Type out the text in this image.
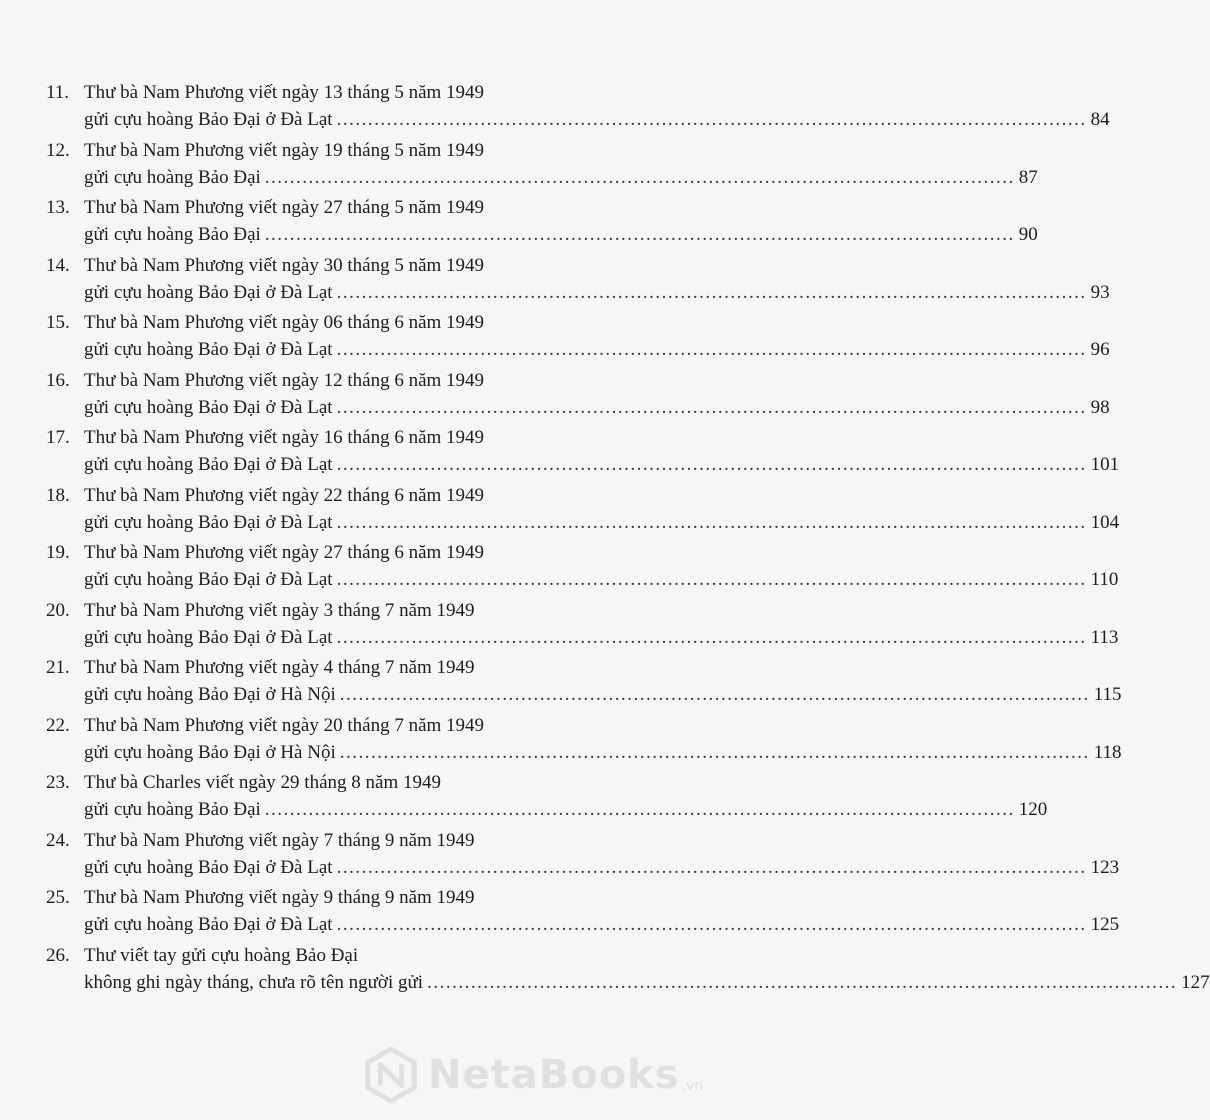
11. Thư bà Nam Phương viết ngày 13 tháng 5 năm 1949
gửi cựu hoàng Bảo Đại ở Đà Lạt ........................................................................................................................ 84
12. Thư bà Nam Phương viết ngày 19 tháng 5 năm 1949
gửi cựu hoàng Bảo Đại ........................................................................................................................ 87
13. Thư bà Nam Phương viết ngày 27 tháng 5 năm 1949
gửi cựu hoàng Bảo Đại ........................................................................................................................ 90
14. Thư bà Nam Phương viết ngày 30 tháng 5 năm 1949
gửi cựu hoàng Bảo Đại ở Đà Lạt ........................................................................................................................ 93
15. Thư bà Nam Phương viết ngày 06 tháng 6 năm 1949
gửi cựu hoàng Bảo Đại ở Đà Lạt ........................................................................................................................ 96
16. Thư bà Nam Phương viết ngày 12 tháng 6 năm 1949
gửi cựu hoàng Bảo Đại ở Đà Lạt ........................................................................................................................ 98
17. Thư bà Nam Phương viết ngày 16 tháng 6 năm 1949
gửi cựu hoàng Bảo Đại ở Đà Lạt ........................................................................................................................ 101
18. Thư bà Nam Phương viết ngày 22 tháng 6 năm 1949
gửi cựu hoàng Bảo Đại ở Đà Lạt ........................................................................................................................ 104
19. Thư bà Nam Phương viết ngày 27 tháng 6 năm 1949
gửi cựu hoàng Bảo Đại ở Đà Lạt ........................................................................................................................ 110
20. Thư bà Nam Phương viết ngày 3 tháng 7 năm 1949
gửi cựu hoàng Bảo Đại ở Đà Lạt ........................................................................................................................ 113
21. Thư bà Nam Phương viết ngày 4 tháng 7 năm 1949
gửi cựu hoàng Bảo Đại ở Hà Nội ........................................................................................................................ 115
22. Thư bà Nam Phương viết ngày 20 tháng 7 năm 1949
gửi cựu hoàng Bảo Đại ở Hà Nội ........................................................................................................................ 118
23. Thư bà Charles viết ngày 29 tháng 8 năm 1949
gửi cựu hoàng Bảo Đại ........................................................................................................................ 120
24. Thư bà Nam Phương viết ngày 7 tháng 9 năm 1949
gửi cựu hoàng Bảo Đại ở Đà Lạt ........................................................................................................................ 123
25. Thư bà Nam Phương viết ngày 9 tháng 9 năm 1949
gửi cựu hoàng Bảo Đại ở Đà Lạt ........................................................................................................................ 125
26. Thư viết tay gửi cựu hoàng Bảo Đại
không ghi ngày tháng, chưa rõ tên người gửi ........................................................................................................................ 127
NetaBooks .vn
